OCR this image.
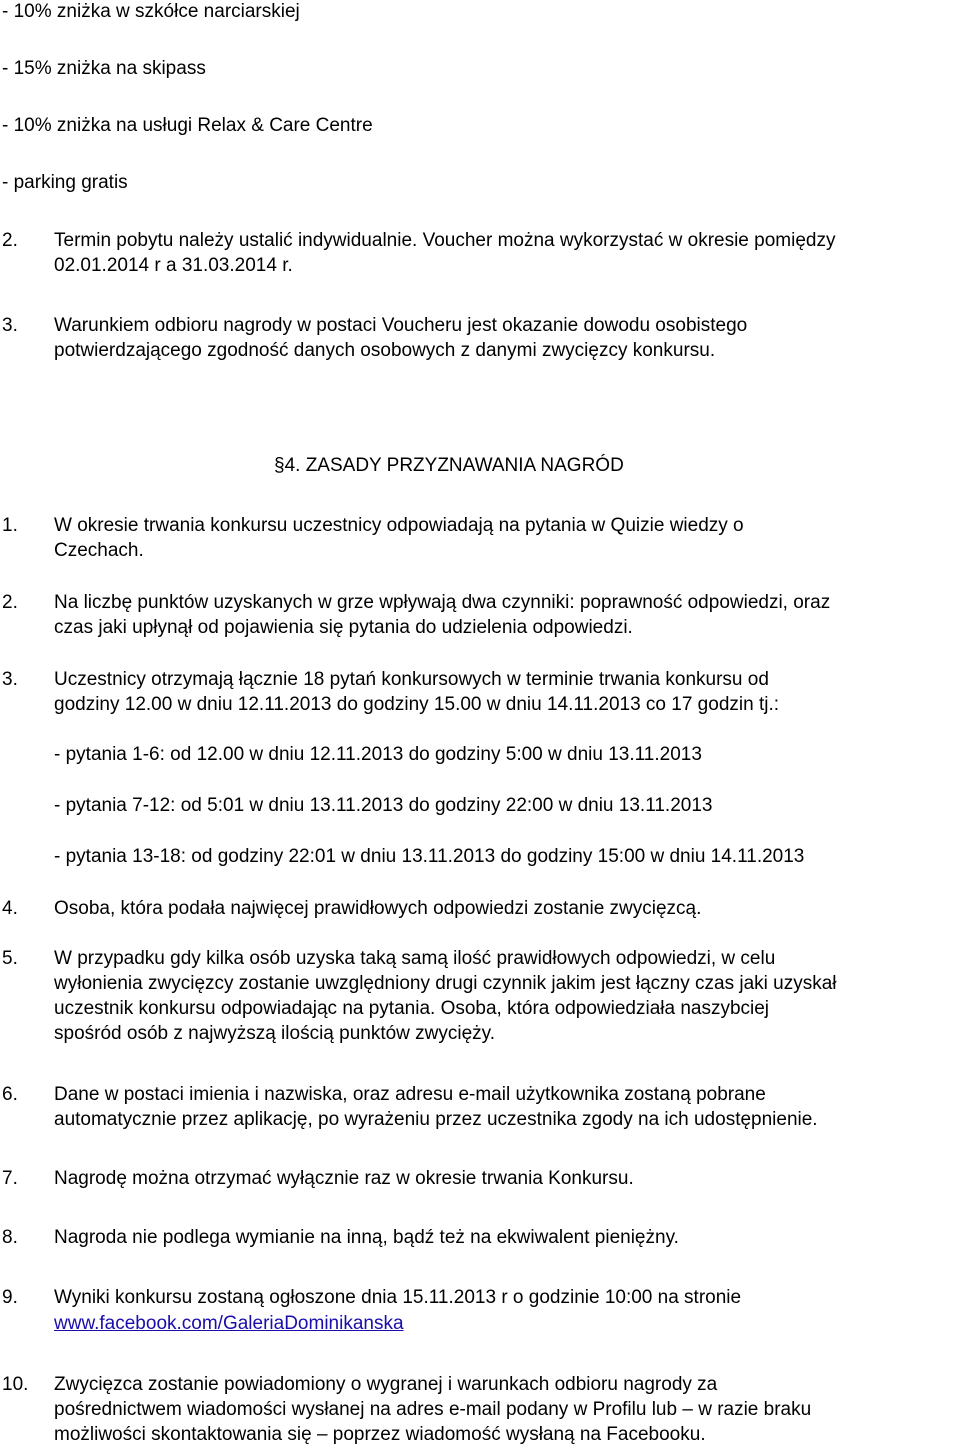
- 10% zniżka w szkółce narciarskiej
- 15% zniżka na skipass
- 10% zniżka na usługi Relax & Care Centre
- parking gratis
2. Termin pobytu należy ustalić indywidualnie. Voucher można wykorzystać w okresie pomiędzy
02.01.2014 r a 31.03.2014 r.
3. Warunkiem odbioru nagrody w postaci Voucheru jest okazanie dowodu osobistego
potwierdzającego zgodność danych osobowych z danymi zwycięzcy konkursu.
§4. ZASADY PRZYZNAWANIA NAGRÓD
1. W okresie trwania konkursu uczestnicy odpowiadają na pytania w Quizie wiedzy o
Czechach.
2. Na liczbę punktów uzyskanych w grze wpływają dwa czynniki: poprawność odpowiedzi, oraz
czas jaki upłynął od pojawienia się pytania do udzielenia odpowiedzi.
3. Uczestnicy otrzymają łącznie 18 pytań konkursowych w terminie trwania konkursu od
godziny 12.00 w dniu 12.11.2013 do godziny 15.00 w dniu 14.11.2013 co 17 godzin tj.:
- pytania 1-6: od 12.00 w dniu 12.11.2013 do godziny 5:00 w dniu 13.11.2013
- pytania 7-12: od 5:01 w dniu 13.11.2013 do godziny 22:00 w dniu 13.11.2013
- pytania 13-18: od godziny 22:01 w dniu 13.11.2013 do godziny 15:00 w dniu 14.11.2013
4. Osoba, która podała najwięcej prawidłowych odpowiedzi zostanie zwycięzcą.
5. W przypadku gdy kilka osób uzyska taką samą ilość prawidłowych odpowiedzi, w celu
wyłonienia zwycięzcy zostanie uwzględniony drugi czynnik jakim jest łączny czas jaki uzyskał
uczestnik konkursu odpowiadając na pytania. Osoba, która odpowiedziała naszybciej
spośród osób z najwyższą ilością punktów zwycięży.
6. Dane w postaci imienia i nazwiska, oraz adresu e-mail użytkownika zostaną pobrane
automatycznie przez aplikację, po wyrażeniu przez uczestnika zgody na ich udostępnienie.
7. Nagrodę można otrzymać wyłącznie raz w okresie trwania Konkursu.
8. Nagroda nie podlega wymianie na inną, bądź też na ekwiwalent pieniężny.
9. Wyniki konkursu zostaną ogłoszone dnia 15.11.2013 r o godzinie 10:00 na stronie
www.facebook.com/GaleriaDominikanska
10. Zwycięzca zostanie powiadomiony o wygranej i warunkach odbioru nagrody za
pośrednictwem wiadomości wysłanej na adres e-mail podany w Profilu lub – w razie braku
możliwości skontaktowania się – poprzez wiadomość wysłaną na Facebooku.
